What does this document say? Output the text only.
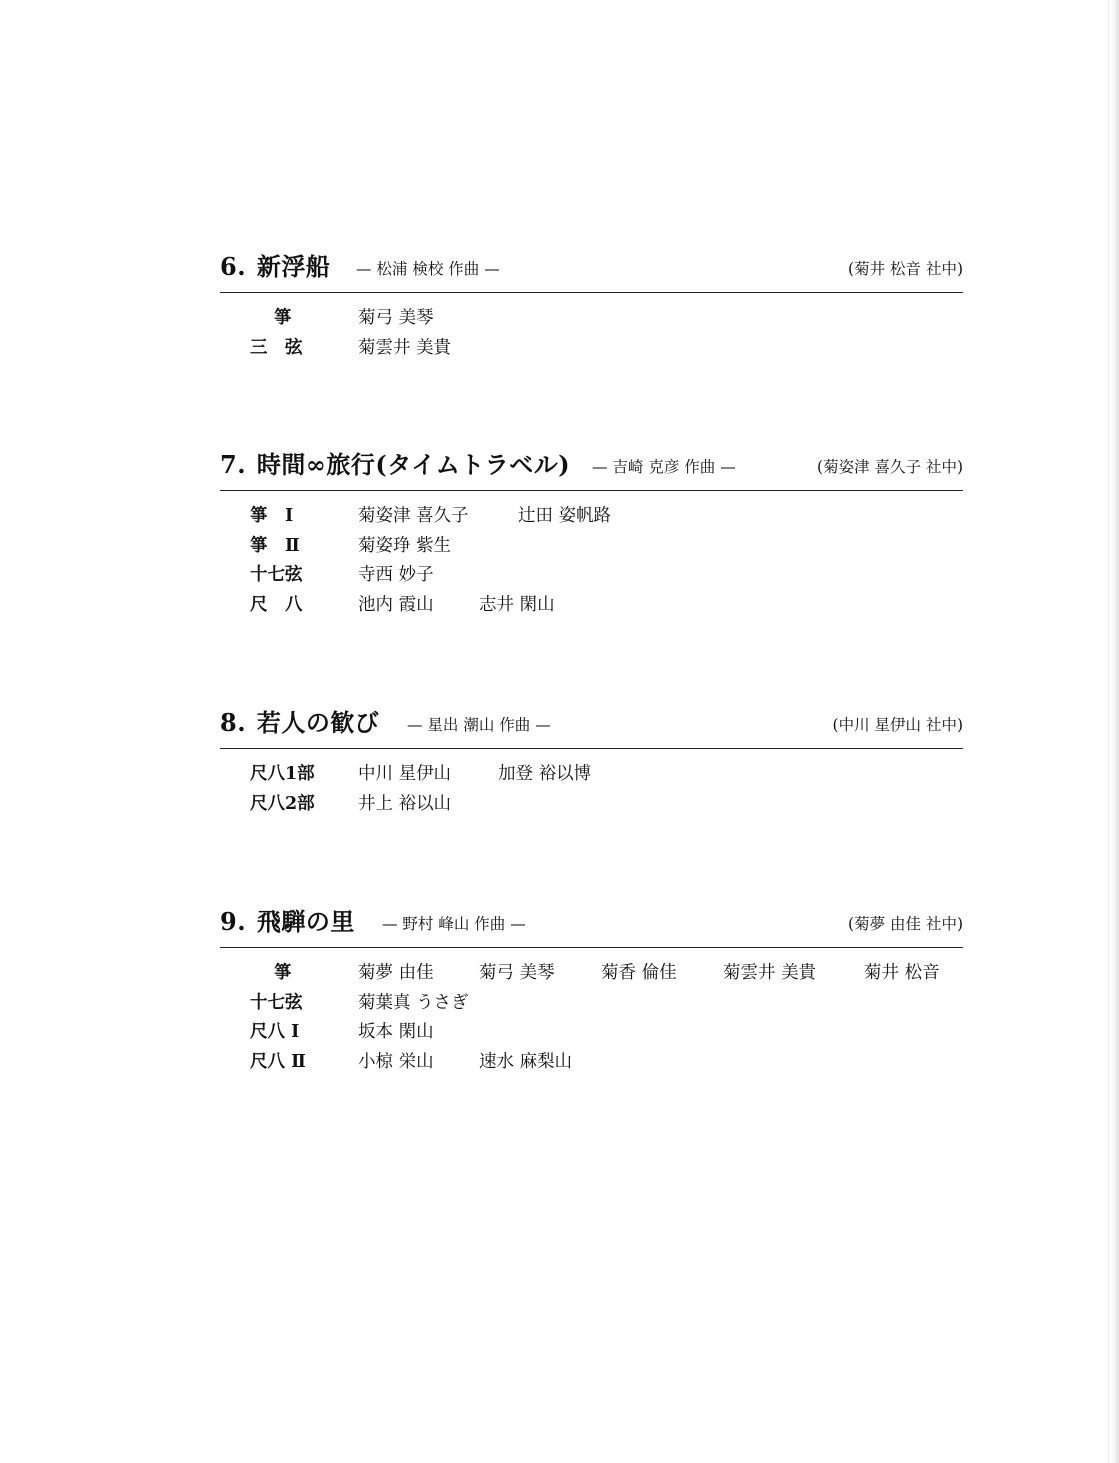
6. 新浮船 — 松浦 検校 作曲 —	(菊井 松音 社中)
箏	菊弓 美琴
三　弦	菊雲井 美貴
7. 時間∞旅行(タイムトラベル) — 吉崎 克彦 作曲 —	(菊姿津 喜久子 社中)
箏　Ⅰ	菊姿津 喜久子	辻田 姿帆路
箏　Ⅱ	菊姿琤 紫生
十七弦	寺西 妙子
尺　八	池内 霞山	志井 閑山
8. 若人の歓び — 星出 潮山 作曲 —	(中川 星伊山 社中)
尺八1部 中川 星伊山	加登 裕以博
尺八2部 井上 裕以山
9. 飛騨の里 — 野村 峰山 作曲 —	(菊夢 由佳 社中)
箏	菊夢 由佳	菊弓 美琴	菊香 倫佳	菊雲井 美貴	菊井 松音
十七弦	菊葉真 うさぎ
尺八 Ⅰ	坂本 閑山
尺八 Ⅱ	小椋 栄山	速水 麻梨山
